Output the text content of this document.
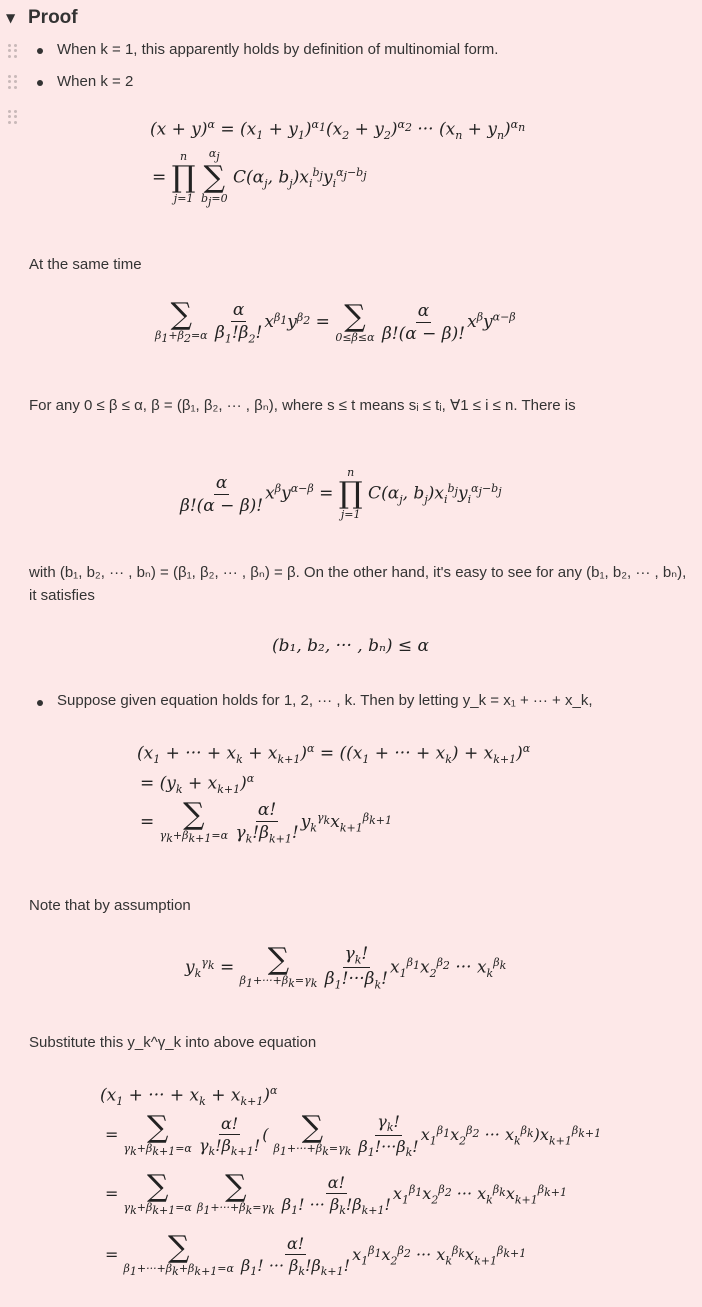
▼ Proof
When k = 1, this apparently holds by definition of multinomial form.
When k = 2
$(x + y)^\alpha = (x_1 + y_1)^{\alpha_1}(x_2 + y_2)^{\alpha_2}$ ··· $(x_n + y_n)^{\alpha_n}$
=
n
∏
j=1

$\alpha_j$
∑
$b_j=0$
$C(\alpha_j$, $b_j)x_i^{b_j}y_i^{\alpha_j-b_j}$
At the same time
∑
$\beta_1+\beta_2=\alpha$
$\frac{\alpha}{\beta_1!\beta_2!} x^{\beta_1}y^{\beta_2}$ = ∑
0≤β≤α
$\frac{\alpha}{\beta!(\alpha - \beta)!} x^\beta y^{\alpha-\beta}$
For any 0 ≤ β ≤ α, β = (β₁, β₂, ··· , βₙ), where s ≤ t means sᵢ ≤ tᵢ, ∀1 ≤ i ≤ n. There is
$\frac{\alpha}{\beta!(\alpha - \beta)!} x^\beta y^{\alpha-\beta}$ =
n
∏
j=1
$C(\alpha_j$, $b_j)x_i^{b_j}y_i^{\alpha_j-b_j}$
with (b₁, b₂, ··· , bₙ) = (β₁, β₂, ··· , βₙ) = β. On the other hand, it's easy to see for any (b₁, b₂, ··· , bₙ), it satisfies
(b₁, b₂, ··· , bₙ) ≤ α
Suppose given equation holds for 1, 2, ··· , k. Then by letting y_k = x₁ + ··· + x_k,
($x_1$ + ··· + $x_k + x_{k+1})^\alpha = ((x_1$ + ··· + $x_k) + x_{k+1})^\alpha$
= $(y_k + x_{k+1})^\alpha$
= ∑
$\gamma_k+\beta_{k+1}=\alpha$
$\frac{\alpha!}{\gamma_k!\beta_{k+1}!} y_k^{\gamma_k}x_{k+1}^{\beta_{k+1}}$
Note that by assumption
$y_k^{\gamma_k}$ = ∑
$\beta_1+\cdot\cdot\cdot+\beta_k=\gamma_k$
$\frac{\gamma_k!}{\beta_1!\cdot\cdot\cdot\beta_k!} x_1^{\beta_1}x_2^{\beta_2}$ ··· $x_k^{\beta_k}$
Substitute this y_k^γ_k into above equation
($x_1$ + ··· + $x_k + x_{k+1})^\alpha$
= ∑
$\gamma_k+\beta_{k+1}=\alpha$
$\frac{\alpha!}{\gamma_k!\beta_{k+1}!}$ ( ∑
$\beta_1+\cdot\cdot\cdot+\beta_k=\gamma_k$
$\frac{\gamma_k!}{\beta_1!\cdot\cdot\cdot\beta_k!} x_1^{\beta_1}x_2^{\beta_2}$ ··· $x_k^{\beta_k})x_{k+1}^{\beta_{k+1}}$
= ∑
$\gamma_k+\beta_{k+1}=\alpha$

∑
$\beta_1+\cdot\cdot\cdot+\beta_k=\gamma_k$
$\frac{\alpha!}{\beta_1! \cdot\cdot\cdot \beta_k!\beta_{k+1}!} x_1^{\beta_1}x_2^{\beta_2}$ ··· $x_k^{\beta_k}x_{k+1}^{\beta_{k+1}}$
= ∑
$\beta_1+\cdot\cdot\cdot+\beta_k+\beta_{k+1}=\alpha$
$\frac{\alpha!}{\beta_1! \cdot\cdot\cdot \beta_k!\beta_{k+1}!} x_1^{\beta_1}x_2^{\beta_2}$ ··· $x_k^{\beta_k}x_{k+1}^{\beta_{k+1}}$
